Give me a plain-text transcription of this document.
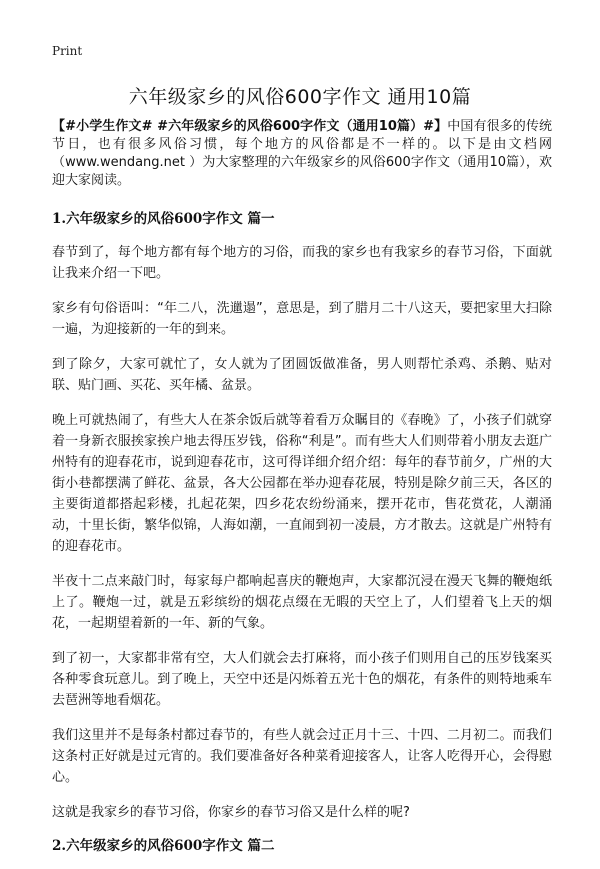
Print
六年级家乡的风俗600字作文 通用10篇
【#小学生作文# #六年级家乡的风俗600字作文（通用10篇）#】中国有很多的传统节日，也有很多风俗习惯，每个地方的风俗都是不一样的。以下是由文档网（www.wendang.net ）为大家整理的六年级家乡的风俗600字作文（通用10篇），欢迎大家阅读。
1.六年级家乡的风俗600字作文 篇一

春节到了，每个地方都有每个地方的习俗，而我的家乡也有我家乡的春节习俗，下面就让我来介绍一下吧。

家乡有句俗语叫：“年二八，洗邋遢”，意思是，到了腊月二十八这天，要把家里大扫除一遍，为迎接新的一年的到来。

到了除夕，大家可就忙了，女人就为了团圆饭做准备，男人则帮忙杀鸡、杀鹅、贴对联、贴门画、买花、买年橘、盆景。

晚上可就热闹了，有些大人在茶余饭后就等着看万众瞩目的《春晚》了，小孩子们就穿着一身新衣服挨家挨户地去得压岁钱，俗称“利是”。而有些大人们则带着小朋友去逛广州特有的迎春花市，说到迎春花市，这可得详细介绍介绍：每年的春节前夕，广州的大街小巷都摆满了鲜花、盆景，各大公园都在举办迎春花展，特别是除夕前三天，各区的主要街道都搭起彩楼，扎起花架，四乡花农纷纷涌来，摆开花市，售花赏花，人潮涌动，十里长街，繁华似锦，人海如潮，一直闹到初一凌晨，方才散去。这就是广州特有的迎春花市。

半夜十二点来敲门时，每家每户都响起喜庆的鞭炮声，大家都沉浸在漫天飞舞的鞭炮纸上了。鞭炮一过，就是五彩缤纷的烟花点缀在无暇的天空上了，人们望着飞上天的烟花，一起期望着新的一年、新的气象。

到了初一，大家都非常有空，大人们就会去打麻将，而小孩子们则用自己的压岁钱案买各种零食玩意儿。到了晚上，天空中还是闪烁着五光十色的烟花，有条件的则特地乘车去琶洲等地看烟花。

我们这里并不是每条村都过春节的，有些人就会过正月十三、十四、二月初二。而我们这条村正好就是过元宵的。我们要准备好各种菜肴迎接客人，让客人吃得开心，会得慰心。

这就是我家乡的春节习俗，你家乡的春节习俗又是什么样的呢?

2.六年级家乡的风俗600字作文 篇二
